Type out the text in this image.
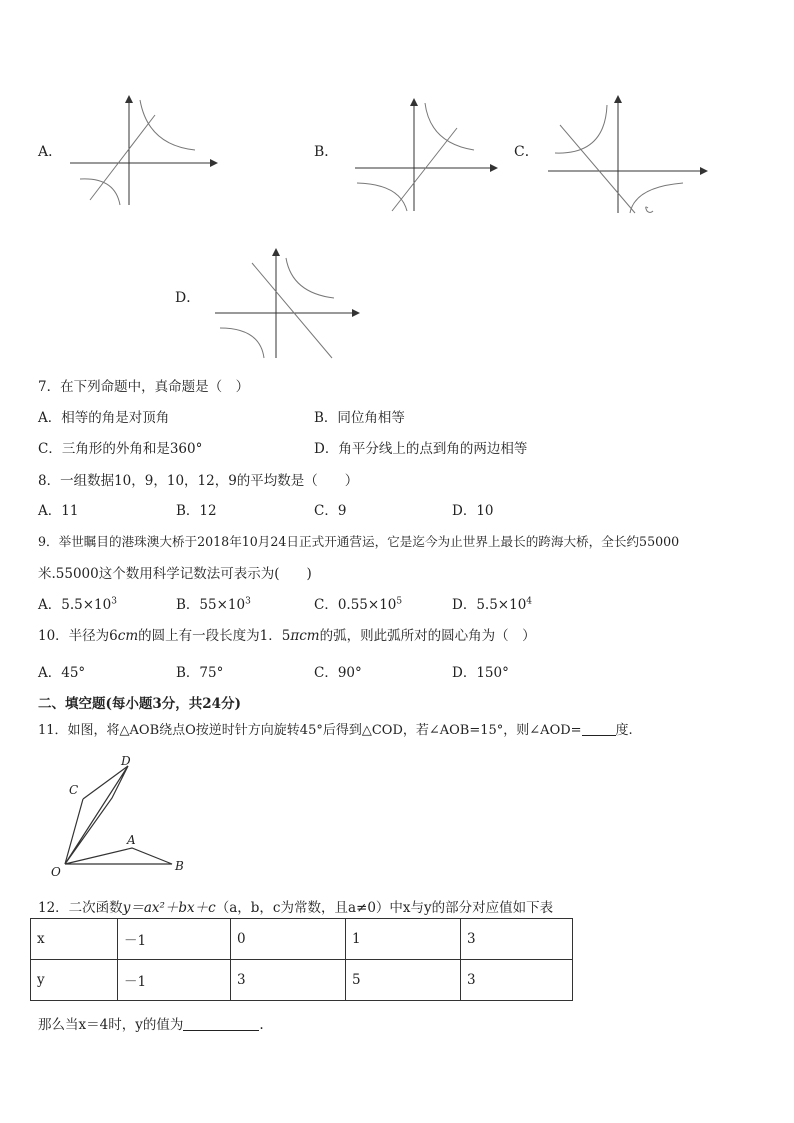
A．	B．	C．
D．
7．在下列命题中，真命题是（　）
A．相等的角是对顶角	B．同位角相等
C．三角形的外角和是360°	D．角平分线上的点到角的两边相等
8．一组数据10，9，10，12，9的平均数是（　　）
A．11	B．12	C．9	D．10
9．举世瞩目的港珠澳大桥于2018年10月24日正式开通营运，它是迄今为止世界上最长的跨海大桥，全长约55000
米.55000这个数用科学记数法可表示为(　　)
A．$5.5\times 10^3$	B．$55\times 10^3$	C．$0.55\times 10^5$	D．$5.5\times 10^4$
10．半径为6cm的圆上有一段长度为1．5πcm的弧，则此弧所对的圆心角为（　）
A．45°	B．75°	C．90°	D．150°
二、填空题(每小题3分，共24分)
11．如图，将△AOB绕点O按逆时针方向旋转45°后得到△COD，若∠AOB=15°，则∠AOD=	度.
D
C
A
O	B
12．二次函数y＝ax²＋bx＋c（a，b，c为常数，且a≠0）中x与y的部分对应值如下表
x	－1	0	1	3
y	－1	3	5	3
那么当x＝4时，y的值为	.
